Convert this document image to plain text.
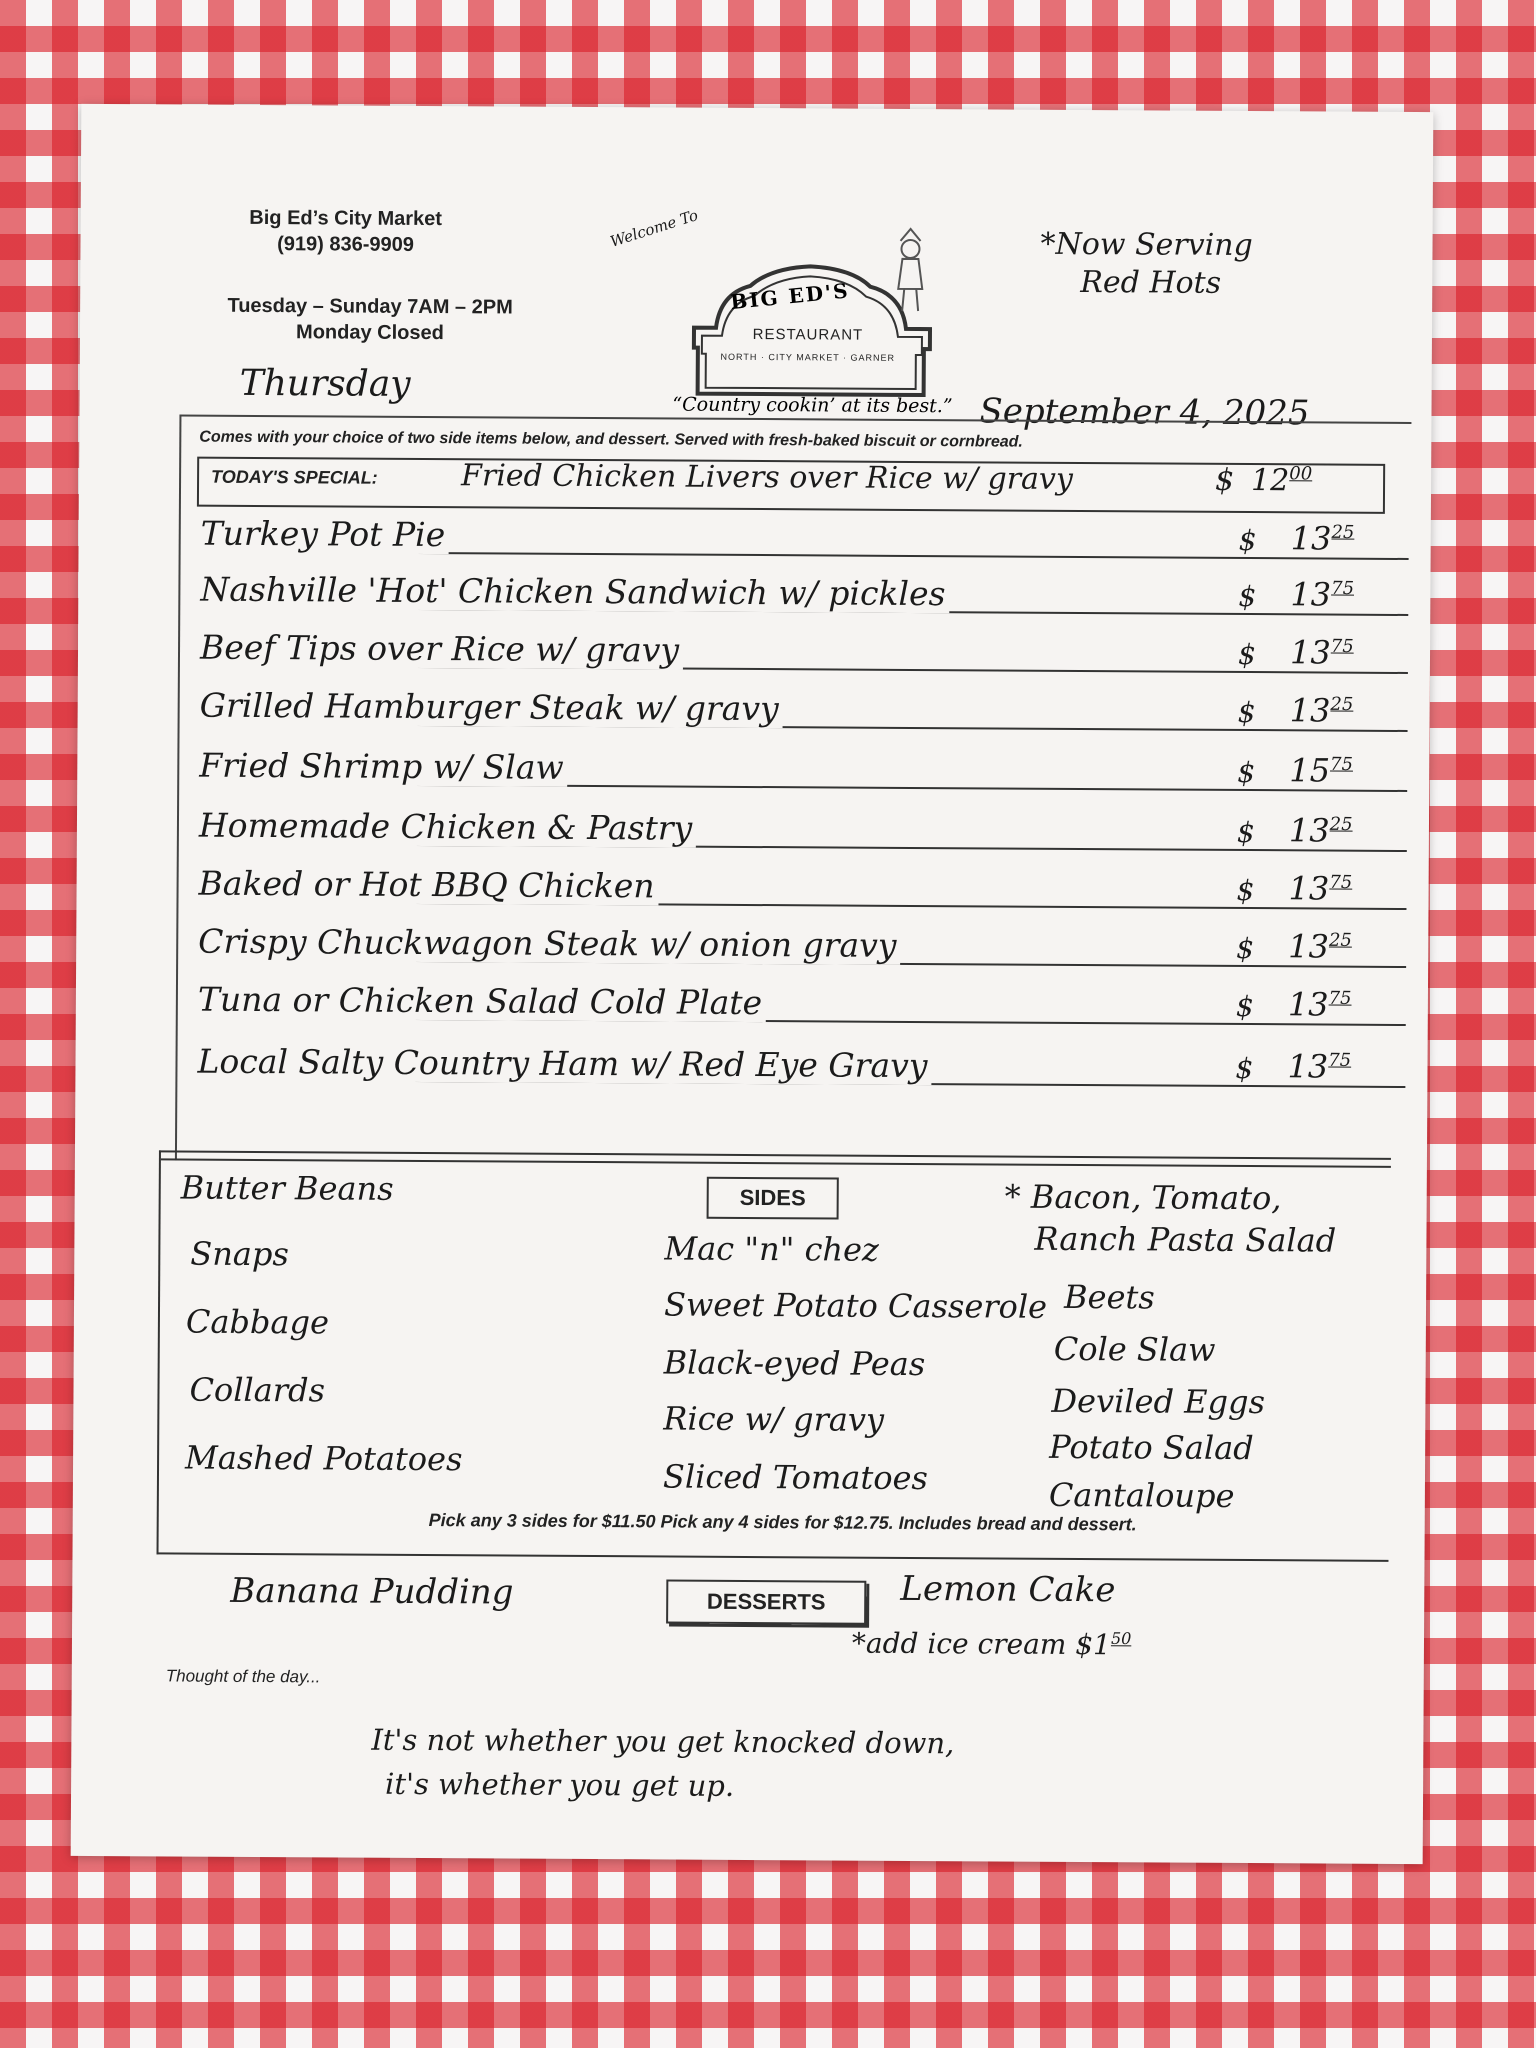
Big Ed’s City Market
(919) 836-9909
Tuesday – Sunday 7AM – 2PM
Monday Closed
Welcome To
BIG ED'S
RESTAURANT
NORTH · CITY MARKET · GARNER
“Country cookin’ at its best.”
*Now Serving
Red Hots
Thursday
September 4, 2025
Comes with your choice of two side items below, and dessert. Served with fresh-baked biscuit or cornbread.
TODAY'S SPECIAL:	Fried Chicken Livers over Rice w/ gravy	$ $12^{00}$
Turkey Pot Pie	$ $13^{25}$
Nashville 'Hot' Chicken Sandwich w/ pickles	$ $13^{75}$
Beef Tips over Rice w/ gravy	$ $13^{75}$
Grilled Hamburger Steak w/ gravy	$ $13^{25}$
Fried Shrimp w/ Slaw	$ $15^{75}$
Homemade Chicken & Pastry	$ $13^{25}$
Baked or Hot BBQ Chicken	$ $13^{75}$
Crispy Chuckwagon Steak w/ onion gravy	$ $13^{25}$
Tuna or Chicken Salad Cold Plate	$ $13^{75}$
Local Salty Country Ham w/ Red Eye Gravy	$ $13^{75}$
SIDES
Butter Beans
Snaps
Cabbage
Collards
Mashed Potatoes
Mac "n" chez
Sweet Potato Casserole
Black-eyed Peas
Rice w/ gravy
Sliced Tomatoes
* Bacon, Tomato,
Ranch Pasta Salad
Beets
Cole Slaw
Deviled Eggs
Potato Salad
Cantaloupe
Pick any 3 sides for $11.50 Pick any 4 sides for $12.75. Includes bread and dessert.
Banana Pudding	DESSERTS	Lemon Cake
*add ice cream $\$1^{50}$
Thought of the day...
It's not whether you get knocked down,
it's whether you get up.
